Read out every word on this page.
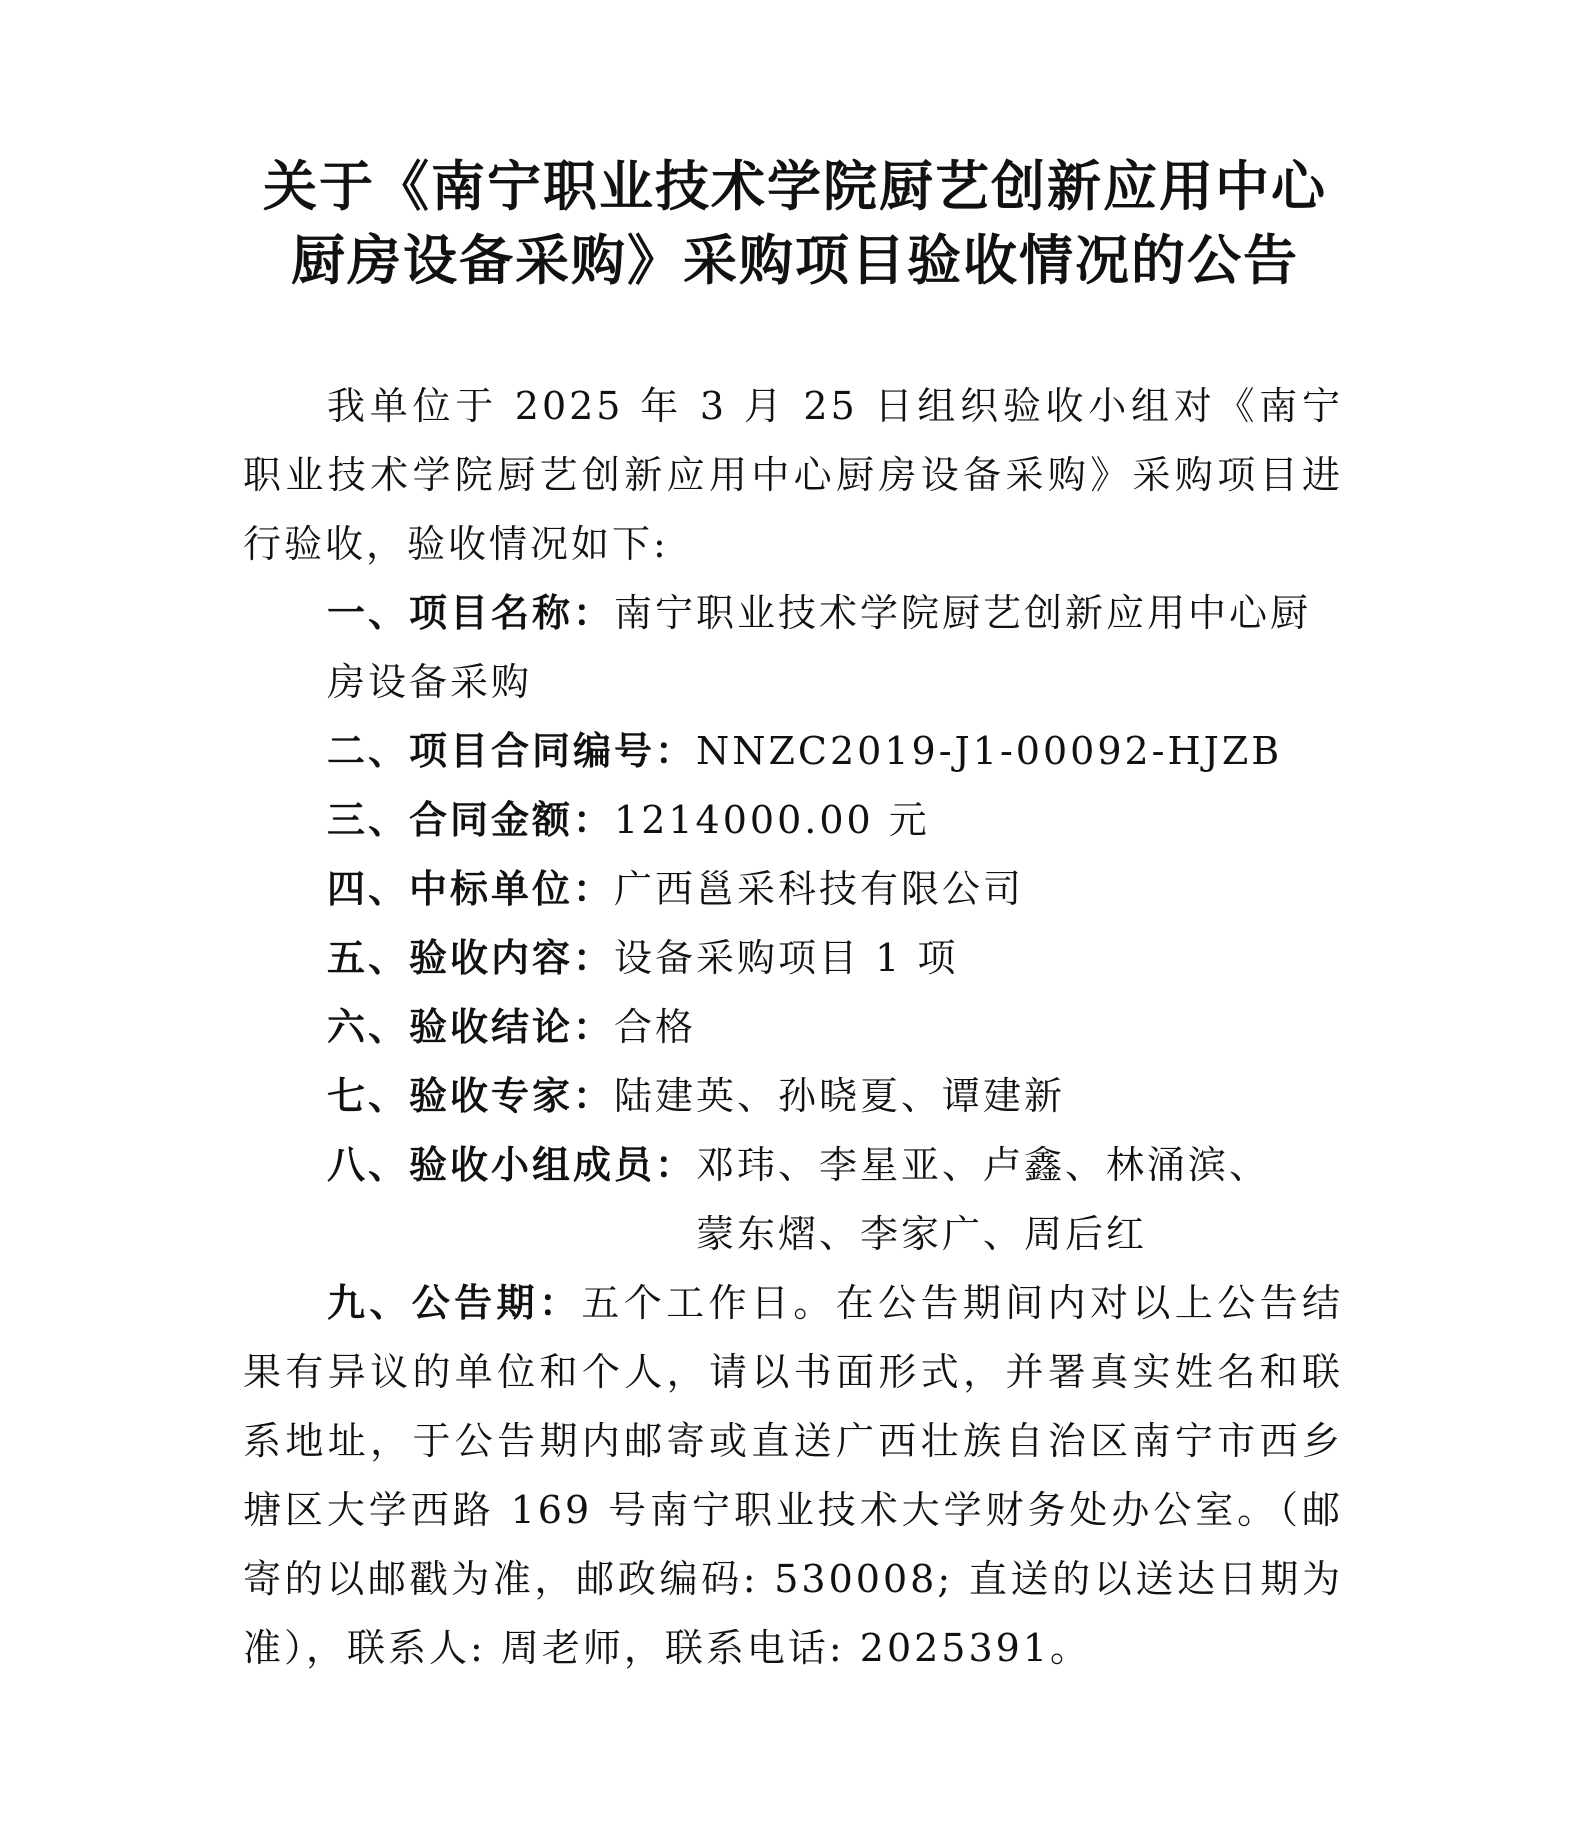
关于《南宁职业技术学院厨艺创新应用中心
厨房设备采购》采购项目验收情况的公告

我单位于 2025 年 3 月 25 日组织验收小组对《南宁职业技术学院厨艺创新应用中心厨房设备采购》采购项目进行验收，验收情况如下:

一、项目名称：南宁职业技术学院厨艺创新应用中心厨房设备采购

二、项目合同编号：NNZC2019-J1-00092-HJZB

三、合同金额：1214000.00 元

四、中标单位：广西邕采科技有限公司

五、验收内容：设备采购项目 1 项

六、验收结论：合格

七、验收专家：陆建英、孙晓夏、谭建新

八、验收小组成员：邓玮、李星亚、卢鑫、林涌滨、蒙东熠、李家广、周后红

九、公告期：五个工作日。在公告期间内对以上公告结果有异议的单位和个人，请以书面形式，并署真实姓名和联系地址，于公告期内邮寄或直送广西壮族自治区南宁市西乡塘区大学西路 169 号南宁职业技术大学财务处办公室。（邮寄的以邮戳为准，邮政编码: 530008; 直送的以送达日期为准），联系人: 周老师，联系电话: 2025391。
